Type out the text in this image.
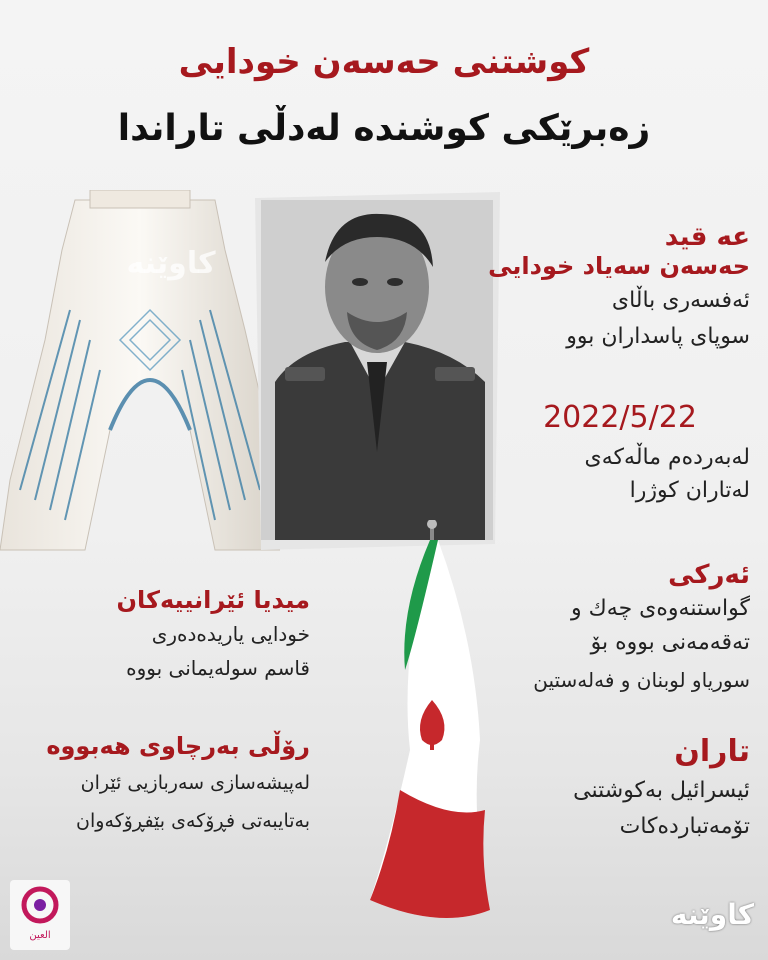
کوشتنی حەسەن خودایی
زەبرێکی کوشندە لەدڵی تاراندا
کاوێنە
عە قید
حەسەن سەیاد خودایی
ئەفسەری باڵای
سوپای پاسداران بوو
2022/5/22
لەبەردەم ماڵەکەی
لەتاران کوژرا
ئەرکی
گواستنەوەی چەك و
تەقەمەنی بووە بۆ
سوریاو لوبنان و فەلەستین
تاران
ئیسرائیل بەکوشتنی
تۆمەتباردەکات
میدیا ئێرانییەکان
خودایی یاریدەدەری
قاسم سولەیمانی بووە
رۆڵی بەرچاوی هەبووە
لەپیشەسازی سەربازیی ئێران
بەتایبەتی فڕۆکەی بێفڕۆکەوان
العين
کاوێنە
